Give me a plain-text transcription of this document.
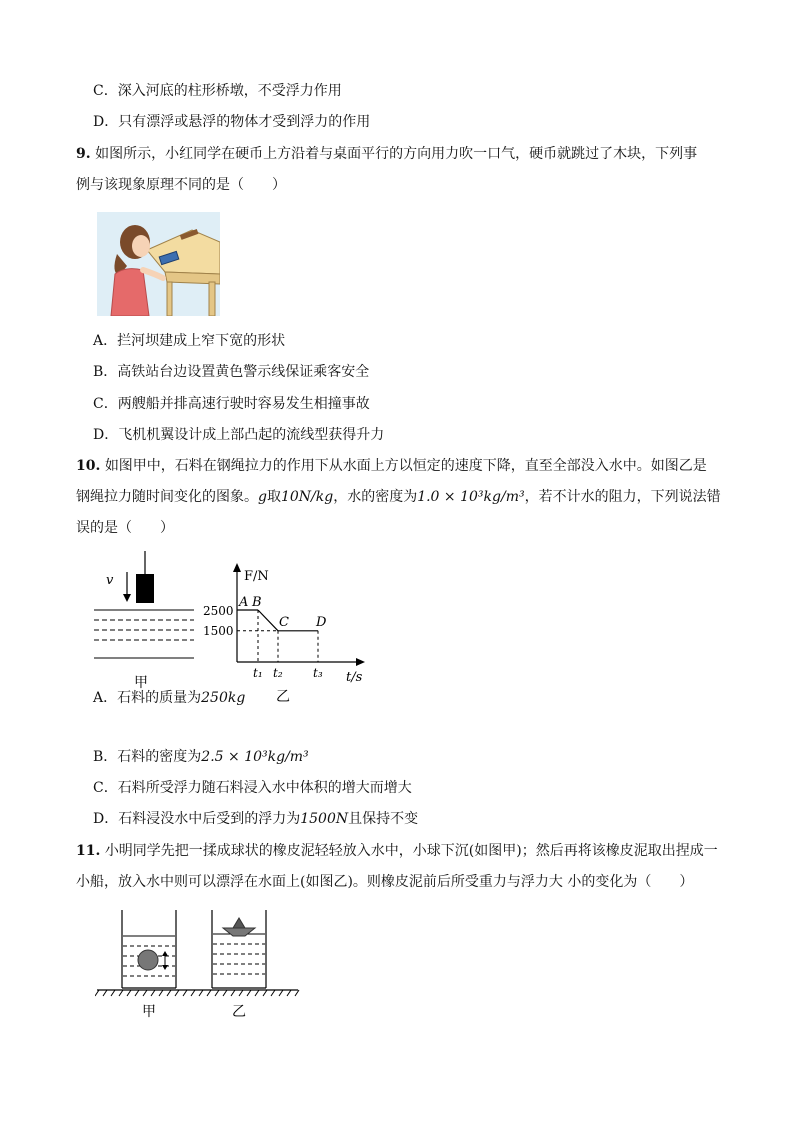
C．深入河底的柱形桥墩，不受浮力作用
D．只有漂浮或悬浮的物体才受到浮力的作用
9. 如图所示，小红同学在硬币上方沿着与桌面平行的方向用力吹一口气，硬币就跳过了木块，下列事
例与该现象原理不同的是（　　）
A．拦河坝建成上窄下宽的形状
B．高铁站台边设置黄色警示线保证乘客安全
C．两艘船并排高速行驶时容易发生相撞事故
D．飞机机翼设计成上部凸起的流线型获得升力
10. 如图甲中，石料在钢绳拉力的作用下从水面上方以恒定的速度下降，直至全部没入水中。如图乙是
钢绳拉力随时间变化的图象。g取10N/kg，水的密度为1.0 × 10³kg/m³，若不计水的阻力，下列说法错
误的是（　　）
v
甲
F/N
t/s
2500
1500
A B
C D
t₁ t₂	t₃
乙
A．石料的质量为250kg
B．石料的密度为2.5 × 10³kg/m³
C．石料所受浮力随石料浸入水中体积的增大而增大
D．石料浸没水中后受到的浮力为1500N且保持不变
11. 小明同学先把一揉成球状的橡皮泥轻轻放入水中，小球下沉(如图甲)；然后再将该橡皮泥取出捏成一
小船，放入水中则可以漂浮在水面上(如图乙)。则橡皮泥前后所受重力与浮力大 小的变化为（　　）
甲	乙
